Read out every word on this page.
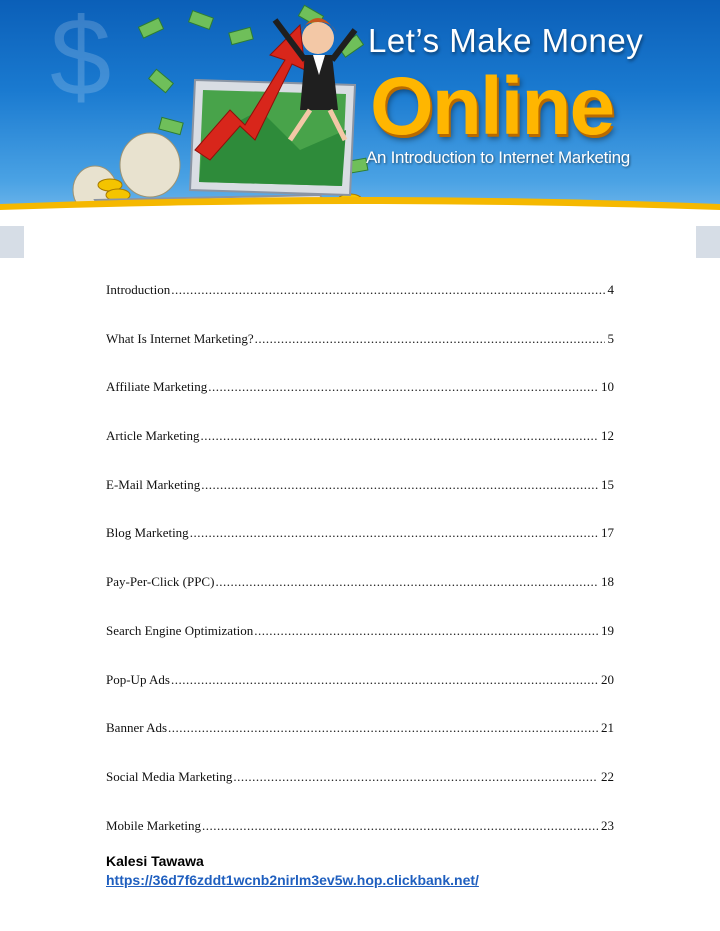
$	Let’s Make Money
Online
An Introduction to Internet Marketing
Introduction .....	4
What Is Internet Marketing? .....	5
Affiliate Marketing .....	10
Article Marketing .....	12
E-Mail Marketing .....	15
Blog Marketing .....	17
Pay-Per-Click (PPC) .....	18
Search Engine Optimization .....	19
Pop-Up Ads .....	20
Banner Ads .....	21
Social Media Marketing .....	22
Mobile Marketing .....	23
Kalesi Tawawa
https://36d7f6zddt1wcnb2nirlm3ev5w.hop.clickbank.net/
